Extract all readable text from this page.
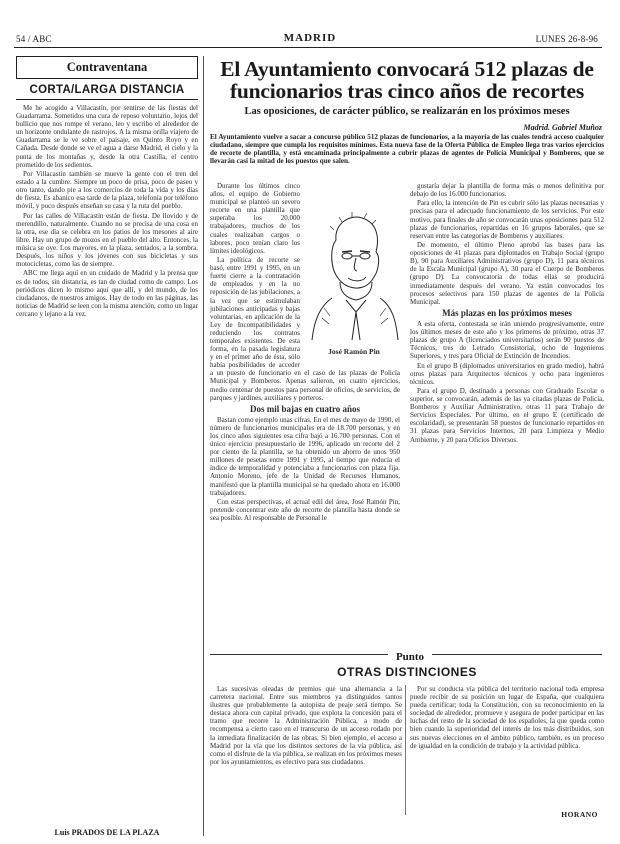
54 / ABC	MADRID	LUNES 26-8-96
Contraventana
CORTA/LARGA DISTANCIA

Me he acogido a Villacastín, por sentirse de las fiestas del Guadarrama. Sometidos una cura de reposo voluntario, lejos del bullicio que nos rompe el verano, leo y escribo el alrededor de un horizonte ondulante de rastrojos. A la misma orilla viajero de Guadarrama se le ve sobre el paisaje, en Quinto Royo y en Cañada. Desde donde se ve el agua a darse Madrid, el cielo y la punta de los montañas y, desde la otra Castilla, el centro prometido de los sedientos.

Por Villacastín también se mueve la gente con el tren del estado a la cumbre. Siempre un poco de prisa, poco de paseo y otro tanto, dando pie a los comercios de toda la vida y los días de fiesta. Es abanico esa tarde de la plaza, telefonía por teléfono móvil, y poco después enseñan su casa y la ruta del pueblo.

Por las calles de Villacastín están de fiesta. De llovido y de merendillo, naturalmente. Cuando no se precisa de una cosa en la otra, ese día se celebra en los patios de los mesones al aire libre. Hay un grupo de mozos en el pueblo del alto. Entonces, la música se oye. Los mayores, en la plaza, sentados, a la sombra. Después, los niños y los jóvenes con sus bicicletas y sus motocicletas, como las de siempre.

ABC me llega aquí en un cuidado de Madrid y la prensa que es de todos, sin distancia, es tan de ciudad como de campo. Los periódicos dicen lo mismo aquí que allí, y del mundo, de los ciudadanos, de nuestros amigos. Hay de todo en las páginas, las noticias de Madrid se leen con la misma atención, como un lugar cercano y lejano a la vez.

Luis PRADOS DE LA PLAZA
El Ayuntamiento convocará 512 plazas de funcionarios tras cinco años de recortes
Las oposiciones, de carácter público, se realizarán en los próximos meses
Madrid. Gabriel Muñoz

El Ayuntamiento vuelve a sacar a concurso público 512 plazas de funcionarios, a la mayoría de las cuales tendrá acceso cualquier ciudadano, siempre que cumpla los requisitos mínimos. Esta nueva fase de la Oferta Pública de Empleo llega tras varios ejercicios de recorte de plantilla, y está encaminada principalmente a cubrir plazas de agentes de Policía Municipal y Bomberos, que se llevarán casi la mitad de los puestos que salen.

José Ramón Pin

Durante los últimos cinco años, el equipo de Gobierno municipal se planteó un severo recorte en una plantilla que superaba los 20.000 trabajadores, muchos de los cuales realizaban cargos o labores, poco tenían claro los límites ideológicos.

La política de recorte se basó, entre 1991 y 1995, en un fuerte cierre a la contratación de empleados y en la no reposición de las jubilaciones, a la vez que se estimulaban jubilaciones anticipadas y bajas voluntarias, en aplicación de la Ley de Incompatibilidades y reduciendo los contratos temporales existentes. De esta forma, en la pasada legislatura y en el primer año de ésta, sólo había posibilidades de acceder a un puesto de funcionario en el caso de las plazas de Policía Municipal y Bomberos. Apenas salieron, en cuatro ejercicios, medio centenar de puestos para personal de oficios, de servicios, de parques y jardines, auxiliares y porteros.

Dos mil bajas en cuatro años

Bastan como ejemplo unas cifras. En el mes de mayo de 1990, el número de funcionarios municipales era de 18.700 personas, y en los cinco años siguientes esa cifra bajó a 16.700 personas. Con el único ejercicio presupuestario de 1996, aplicado un recorte del 2 por ciento de la plantilla, se ha obtenido un ahorro de unos 950 millones de pesetas entre 1991 y 1995, al tiempo que reducía el índice de temporalidad y potenciaba a funcionarios con plaza fija. Antonio Moreno, jefe de la Unidad de Recursos Humanos, manifestó que la plantilla municipal se ha quedado ahora en 16.000 trabajadores.

Con estas perspectivas, el actual edil del área, José Ramón Pin, pretende concentrar este año de recorte de plantilla hasta donde se sea posible. Al responsable de Personal le

gustaría dejar la plantilla de forma más o menos definitiva por debajo de los 16.000 funcionarios.

Para ello, la intención de Pin es cubrir sólo las plazas necesarias y precisas para el adecuado funcionamiento de los servicios. Por este motivo, para finales de año se convocarán unas oposiciones para 512 plazas de funcionarios, repartidas en 16 grupos laborales, que se reservan entre las categorías de Bomberos y auxiliares.

De momento, el último Pleno aprobó las bases para las oposiciones de 41 plazas para diplomados en Trabajo Social (grupo B), 90 para Auxiliares Administrativos (grupo D), 11 para técnicos de la Escala Municipal (grupo A), 30 para el Cuerpo de Bomberos (grupo D). La convocatoria de todas ellas se producirá inmediatamente después del verano. Ya están convocados los procesos selectivos para 150 plazas de agentes de la Policía Municipal.

Más plazas en los próximos meses

A esta oferta, contestada se irán uniendo progresivamente, entre los últimos meses de este año y los primeros de próximo, otras 37 plazas de grupo A (licenciados universitarios) serán 90 puestos de Técnicos, tres de Letrado Consistorial, ocho de Ingenieros Superiores, y tres para Oficial de Extinción de Incendios.

En el grupo B (diplomados universitarios en grado medio), habrá otros plazas para Arquitectos técnicos y ocho para ingenieros técnicos.

Para el grupo D, destinado a personas con Graduado Escolar o superior, se convocarán, además de las ya citadas plazas de Policía, Bomberos y Auxiliar Administrativo, otras 11 para Trabajo de Servicios Especiales. Por último, en el grupo E (certificado de escolaridad), se presentarán 58 puestos de funcionario repartidos en 31 plazas para Servicios Internos, 20 para Limpieza y Medio Ambiente, y 20 para Oficios Diversos.

Punto
OTRAS DISTINCIONES

Las sucesivas oleadas de premios que una alternancia a la carretera nacional. Entre sus miembros ya distinguidos tantos ilustres que probablemente la autopista de peaje será tiempo. Se destaca ahora con capital privado, que explota la concesión para el tramo que recorre la Administración Pública, a modo de recompensa a cierto caso en el transcurso de un acceso rodado por la inmediata finalización de las obras. Si bien ejemplo, el acceso a Madrid por la vía que los distintos sectores de la vía pública, así como el disfrute de la vía pública, se realizan en los próximos meses por los ayuntamientos, es efectivo para sus ciudadanos.

Por su conducta vía pública del territorio nacional toda empresa puede recibir de su posición un lugar de España, que cualquiera pueda certificar; toda la Constitución, con su reconocimiento en la sociedad de alrededor, promueve y asegura de poder participar en las luchas del resto de la sociedad de los españoles, la que queda como bien cuando la superioridad del interés de los más distribuidos, son sus nuevas elecciones en el ámbito público, también, es un proceso de igualdad en la condición de trabajo y la actividad pública.

HORANO
